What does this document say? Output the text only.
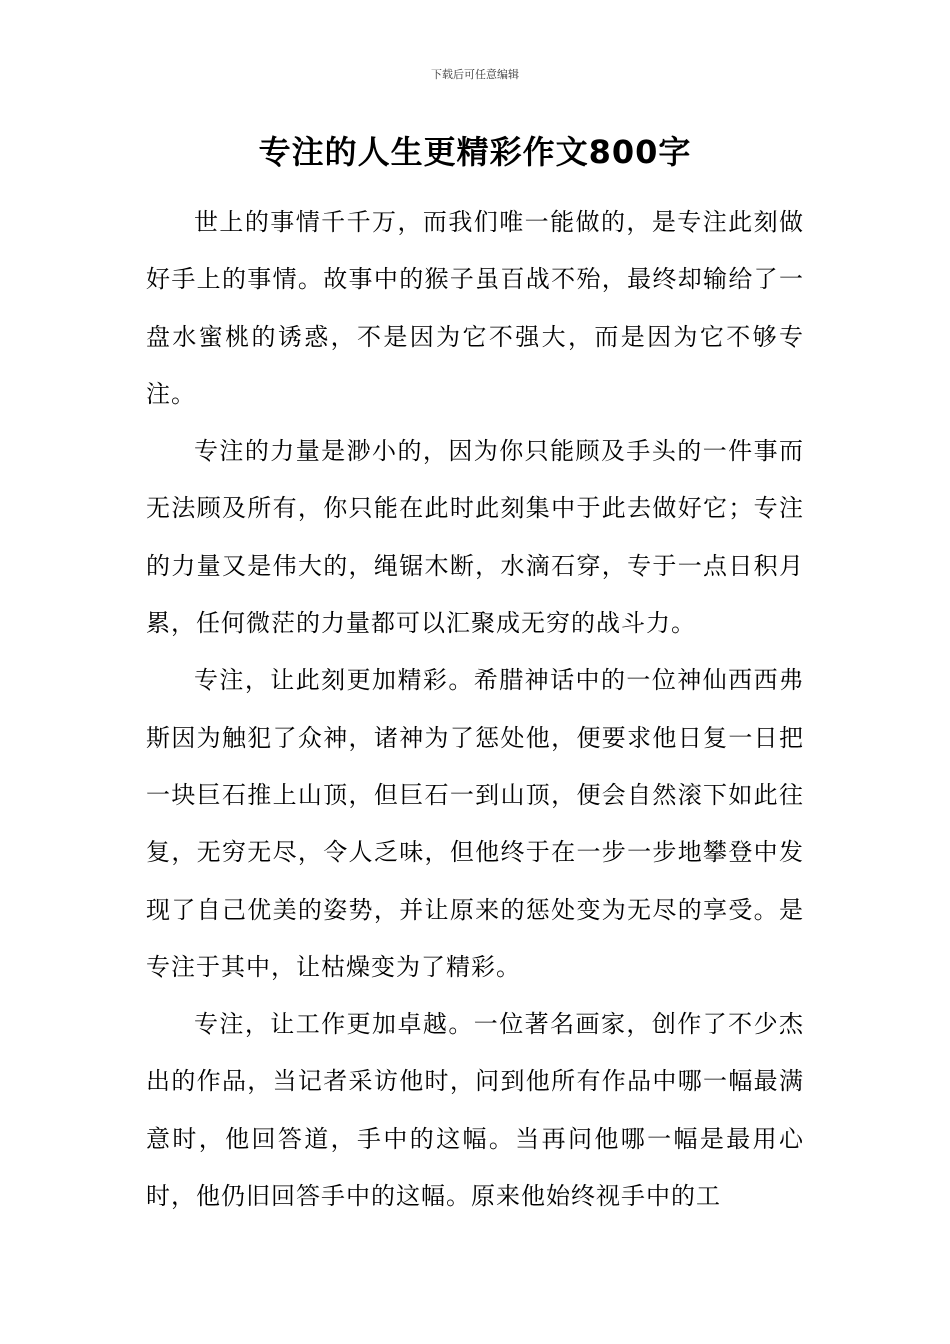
下载后可任意编辑
专注的人生更精彩作文800字

世上的事情千千万，而我们唯一能做的，是专注此刻做好手上的事情。故事中的猴子虽百战不殆，最终却输给了一盘水蜜桃的诱惑，不是因为它不强大，而是因为它不够专注。

专注的力量是渺小的，因为你只能顾及手头的一件事而无法顾及所有，你只能在此时此刻集中于此去做好它；专注的力量又是伟大的，绳锯木断，水滴石穿，专于一点日积月累，任何微茫的力量都可以汇聚成无穷的战斗力。

专注，让此刻更加精彩。希腊神话中的一位神仙西西弗斯因为触犯了众神，诸神为了惩处他，便要求他日复一日把一块巨石推上山顶，但巨石一到山顶，便会自然滚下如此往复，无穷无尽，令人乏味，但他终于在一步一步地攀登中发现了自己优美的姿势，并让原来的惩处变为无尽的享受。是专注于其中，让枯燥变为了精彩。

专注，让工作更加卓越。一位著名画家，创作了不少杰出的作品，当记者采访他时，问到他所有作品中哪一幅最满意时，他回答道，手中的这幅。当再问他哪一幅是最用心时，他仍旧回答手中的这幅。原来他始终视手中的工
